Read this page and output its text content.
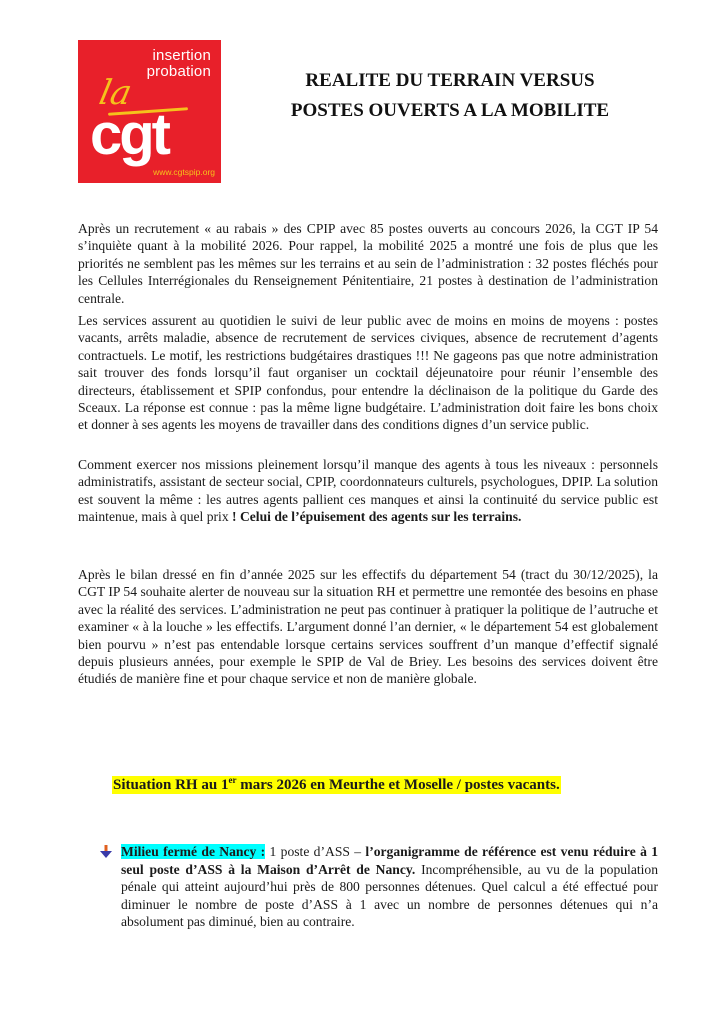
insertion
probation
la
cgt
www.cgtspip.org
REALITE DU TERRAIN VERSUS
POSTES OUVERTS A LA MOBILITE

Après un recrutement « au rabais » des CPIP avec 85 postes ouverts au concours 2026, la CGT IP 54 s’inquiète quant à la mobilité 2026. Pour rappel, la mobilité 2025 a montré une fois de plus que les priorités ne semblent pas les mêmes sur les terrains et au sein de l’administration : 32 postes fléchés pour les Cellules Interrégionales du Renseignement Pénitentiaire, 21 postes à destination de l’administration centrale.

Les services assurent au quotidien le suivi de leur public avec de moins en moins de moyens : postes vacants, arrêts maladie, absence de recrutement de services civiques, absence de recrutement d’agents contractuels. Le motif, les restrictions budgétaires drastiques !!! Ne gageons pas que notre administration sait trouver des fonds lorsqu’il faut organiser un cocktail déjeunatoire pour réunir l’ensemble des directeurs, établissement et SPIP confondus, pour entendre la déclinaison de la politique du Garde des Sceaux. La réponse est connue : pas la même ligne budgétaire. L’administration doit faire les bons choix et donner à ses agents les moyens de travailler dans des conditions dignes d’un service public.

Comment exercer nos missions pleinement lorsqu’il manque des agents à tous les niveaux : personnels administratifs, assistant de secteur social, CPIP, coordonnateurs culturels, psychologues, DPIP. La solution est souvent la même : les autres agents pallient ces manques et ainsi la continuité du service public est maintenue, mais à quel prix ! Celui de l’épuisement des agents sur les terrains.

Après le bilan dressé en fin d’année 2025 sur les effectifs du département 54 (tract du 30/12/2025), la CGT IP 54 souhaite alerter de nouveau sur la situation RH et permettre une remontée des besoins en phase avec la réalité des services. L’administration ne peut pas continuer à pratiquer la politique de l’autruche et examiner « à la louche » les effectifs. L’argument donné l’an dernier, « le département 54 est globalement bien pourvu » n’est pas entendable lorsque certains services souffrent d’un manque d’effectif signalé depuis plusieurs années, pour exemple le SPIP de Val de Briey. Les besoins des services doivent être étudiés de manière fine et pour chaque service et non de manière globale.

Situation RH au 1er mars 2026 en Meurthe et Moselle / postes vacants.
Milieu fermé de Nancy : 1 poste d’ASS – l’organigramme de référence est venu réduire à 1 seul poste d’ASS à la Maison d’Arrêt de Nancy. Incompréhensible, au vu de la population pénale qui atteint aujourd’hui près de 800 personnes détenues. Quel calcul a été effectué pour diminuer le nombre de poste d’ASS à 1 avec un nombre de personnes détenues qui n’a absolument pas diminué, bien au contraire.
